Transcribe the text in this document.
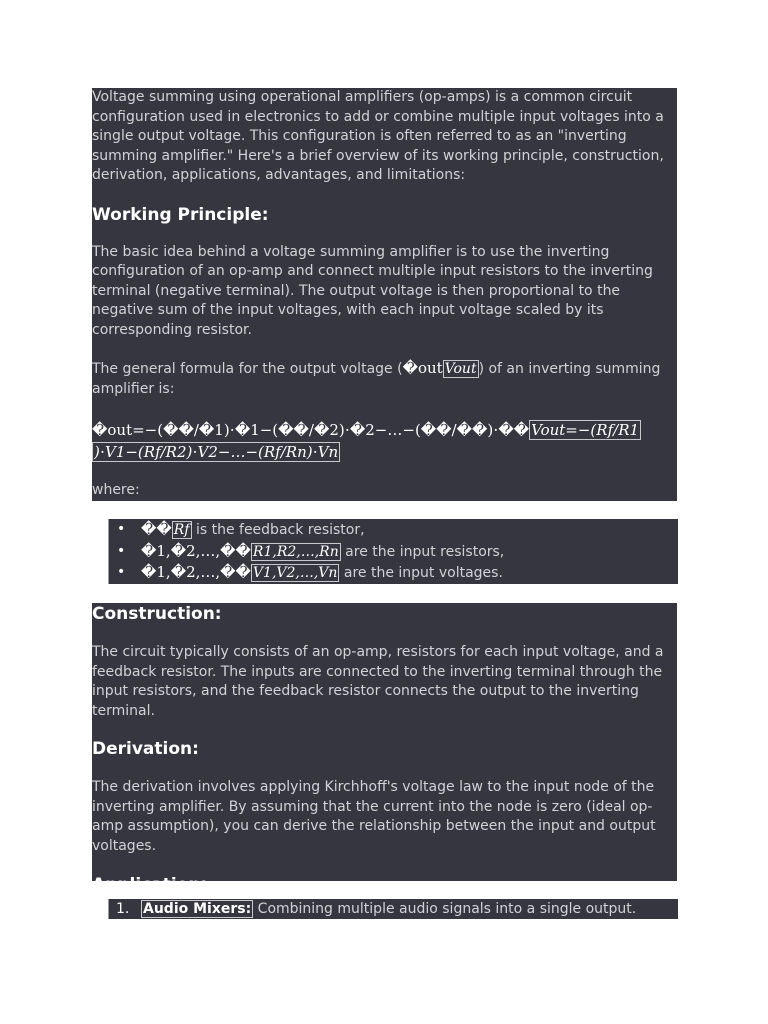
Voltage summing using operational amplifiers (op-amps) is a common circuit configuration used in electronics to add or combine multiple input voltages into a single output voltage. This configuration is often referred to as an "inverting summing amplifier." Here's a brief overview of its working principle, construction, derivation, applications, advantages, and limitations:

Working Principle:

The basic idea behind a voltage summing amplifier is to use the inverting configuration of an op-amp and connect multiple input resistors to the inverting terminal (negative terminal). The output voltage is then proportional to the negative sum of the input voltages, with each input voltage scaled by its corresponding resistor.

The general formula for the output voltage (�out Vout ) of an inverting summing amplifier is:

�out=−(��/�1)⋅�1−(��/�2)⋅�2−…−(��/��)⋅�� Vout=−(Rf/R1
)⋅V1−(Rf/R2)⋅V2−…−(Rf/Rn)⋅Vn

where:

• �� Rf is the feedback resistor,
• �1,�2,…,�� R1,R2,…,Rn are the input resistors,
• �1,�2,…,�� V1,V2,…,Vn are the input voltages.

Construction:

The circuit typically consists of an op-amp, resistors for each input voltage, and a feedback resistor. The inputs are connected to the inverting terminal through the input resistors, and the feedback resistor connects the output to the inverting terminal.

Derivation:

The derivation involves applying Kirchhoff's voltage law to the input node of the inverting amplifier. By assuming that the current into the node is zero (ideal op-amp assumption), you can derive the relationship between the input and output voltages.

Application:

1. Audio Mixers: Combining multiple audio signals into a single output.
